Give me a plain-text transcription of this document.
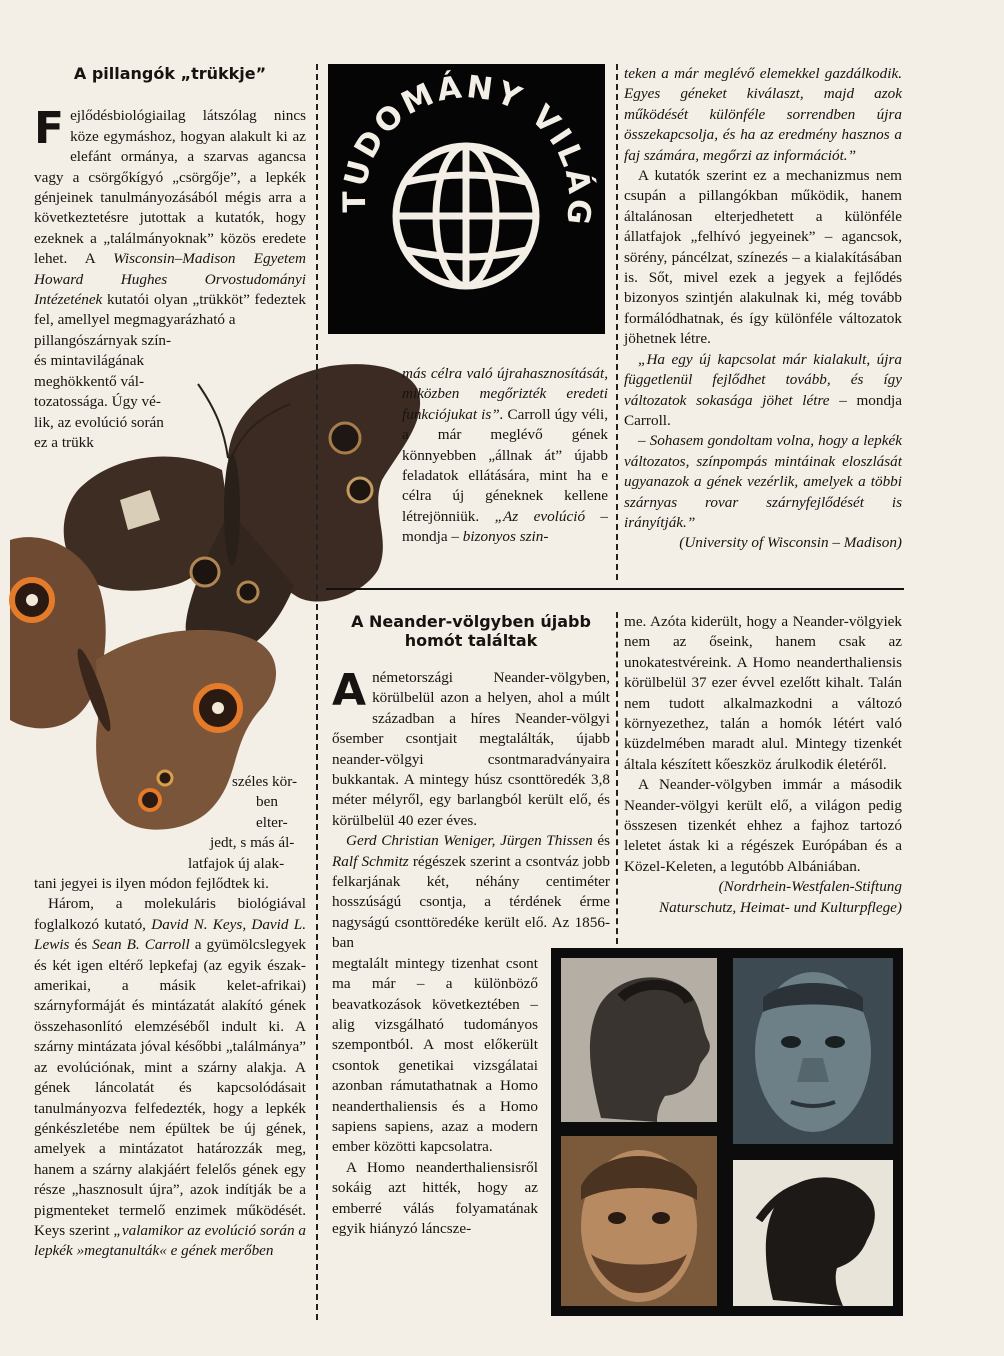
A pillangók „trükkje”

Fejlődésbiológiailag látszólag nincs köze egymáshoz, hogyan alakult ki az elefánt ormánya, a szarvas agancsa vagy a csörgőkígyó „csörgője”, a lepkék génjeinek tanulmányozásából mégis arra a következtetésre jutottak a kutatók, hogy ezeknek a „találmányoknak” közös eredete lehet. A Wisconsin–Madison Egyetem Howard Hughes Orvostudományi Intézetének kutatói olyan „trükköt” fedeztek fel, amellyel megmagyarázható a

pillangószárnyak szín-
és mintavilágának
meghökkentő vál-
tozatossága. Úgy vé-
lik, az evolúció során
ez a trükk
széles kör-
ben elter-
jedt, s más ál-
latfajok új alak-

tani jegyei is ilyen módon fejlődtek ki.

Három, a molekuláris biológiával foglalkozó kutató, David N. Keys, David L. Lewis és Sean B. Carroll a gyümölcslegyek és két igen eltérő lepkefaj (az egyik észak-amerikai, a másik kelet-afrikai) szárnyformáját és mintázatát alakító gének összehasonlító elemzéséből indult ki. A szárny mintázata jóval későbbi „találmánya” az evolúciónak, mint a szárny alakja. A gének láncolatát és kapcsolódásait tanulmányozva felfedezték, hogy a lepkék génkészletébe nem épültek be új gének, amelyek a mintázatot határozzák meg, hanem a szárny alakjáért felelős gének egy része „hasznosult újra”, azok indítják be a pigmenteket termelő enzimek működését. Keys szerint „valamikor az evolúció során a lepkék »megtanulták« e gének merőben

TUDOMÁNY VILÁG

más célra való újrahasznosítását, miközben megőrizték eredeti funkciójukat is”. Carroll úgy véli, a már meglévő gének könnyebben „állnak át” újabb feladatok ellátására, mint ha e célra új géneknek kellene létrejönniük. „Az evolúció – mondja – bizonyos szin-

teken a már meglévő elemekkel gazdálkodik. Egyes géneket kiválaszt, majd azok működését különféle sorrendben újra összekapcsolja, és ha az eredmény hasznos a faj számára, megőrzi az információt.”

A kutatók szerint ez a mechanizmus nem csupán a pillangókban működik, hanem általánosan elterjedhetett a különféle állatfajok „felhívó jegyeinek” – agancsok, sörény, páncélzat, színezés – a kialakításában is. Sőt, mivel ezek a jegyek a fejlődés bizonyos szintjén alakulnak ki, még tovább formálódhatnak, és így különféle változatok jöhetnek létre.

„Ha egy új kapcsolat már kialakult, újra függetlenül fejlődhet tovább, és így változatok sokasága jöhet létre – mondja Carroll.

– Sohasem gondoltam volna, hogy a lepkék változatos, színpompás mintáinak eloszlását ugyanazok a gének vezérlik, amelyek a többi szárnyas rovar szárnyfejlődését is irányítják.”

(University of Wisconsin – Madison)

A Neander-völgyben újabb
homót találtak

A németországi Neander-völgyben, körülbelül azon a helyen, ahol a múlt században a híres Neander-völgyi ősember csontjait megtalálták, újabb neander-völgyi csontmaradványaira bukkantak. A mintegy húsz csonttöredék 3,8 méter mélyről, egy barlangból került elő, és körülbelül 40 ezer éves.

Gerd Christian Weniger, Jürgen Thissen és Ralf Schmitz régészek szerint a csontváz jobb felkarjának két, néhány centiméter hosszúságú csontja, a térdének érme nagyságú csonttöredéke került elő. Az 1856-ban

megtalált mintegy tizenhat csont ma már – a különböző beavatkozások következtében – alig vizsgálható tudományos szempontból. A most előkerült csontok genetikai vizsgálatai azonban rámutathatnak a Homo neanderthaliensis és a Homo sapiens sapiens, azaz a modern ember közötti kapcsolatra.

A Homo neanderthaliensisről sokáig azt hitték, hogy az emberré válás folyamatának egyik hiányzó láncsze-

me. Azóta kiderült, hogy a Neander-völgyiek nem az őseink, hanem csak az unokatestvéreink. A Homo neanderthaliensis körülbelül 37 ezer évvel ezelőtt kihalt. Talán nem tudott alkalmazkodni a változó környezethez, talán a homók létért való küzdelmében maradt alul. Mintegy tizenkét általa készített kőeszköz árulkodik életéről.

A Neander-völgyben immár a második Neander-völgyi került elő, a világon pedig összesen tizenkét ehhez a fajhoz tartozó leletet ástak ki a régészek Európában és a Közel-Keleten, a legutóbb Albániában.

(Nordrhein-Westfalen-Stiftung
Naturschutz, Heimat- und Kulturpflege)
